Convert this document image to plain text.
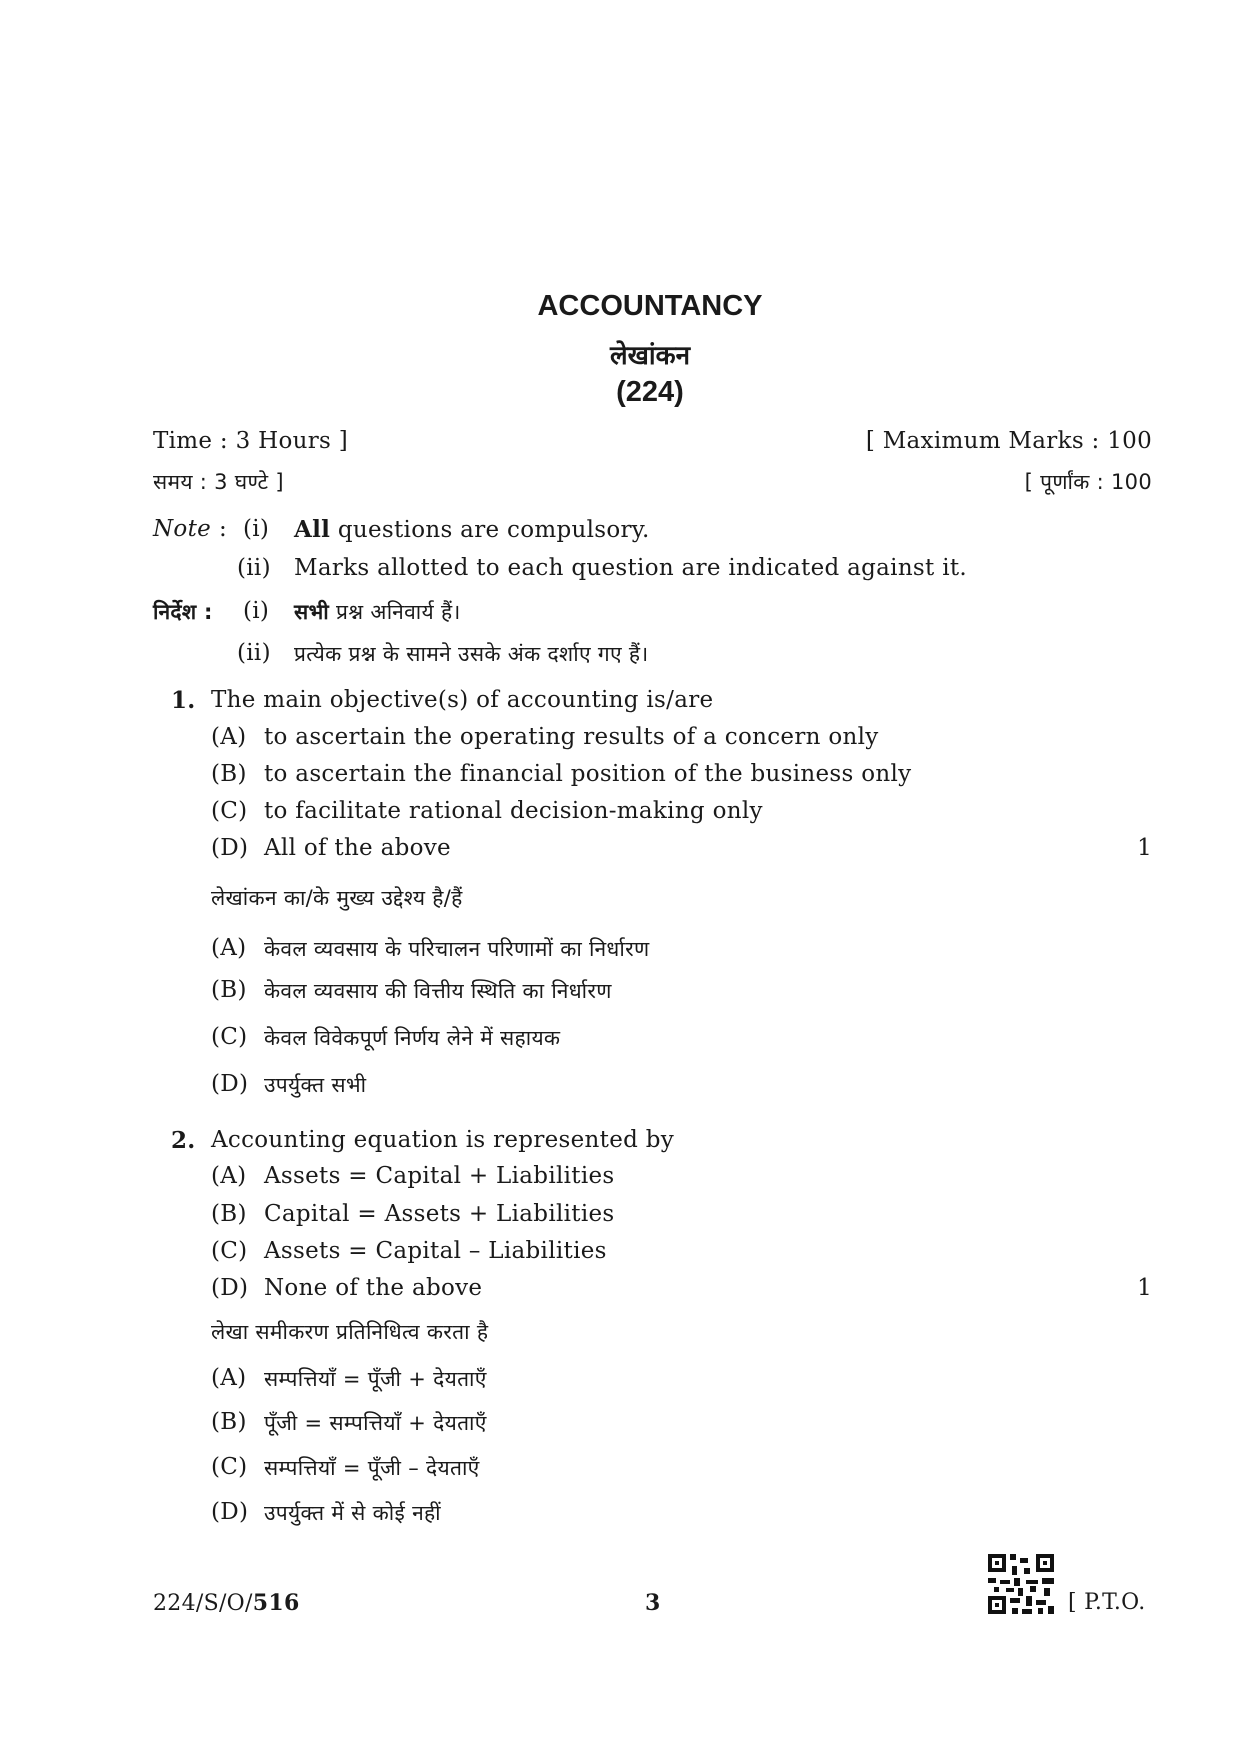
ACCOUNTANCY
लेखांकन
(224)
Time : 3 Hours ]	[ Maximum Marks : 100
समय : 3 घण्टे ]	[ पूर्णांक : 100
Note : (i) All questions are compulsory.
(ii) Marks allotted to each question are indicated against it.
निर्देश : (i) सभी प्रश्न अनिवार्य हैं।
(ii) प्रत्येक प्रश्न के सामने उसके अंक दर्शाए गए हैं।
1. The main objective(s) of accounting is/are
(A) to ascertain the operating results of a concern only
(B) to ascertain the financial position of the business only
(C) to facilitate rational decision-making only
(D) All of the above	1
लेखांकन का/के मुख्य उद्देश्य है/हैं
(A) केवल व्यवसाय के परिचालन परिणामों का निर्धारण
(B) केवल व्यवसाय की वित्तीय स्थिति का निर्धारण
(C) केवल विवेकपूर्ण निर्णय लेने में सहायक
(D) उपर्युक्त सभी
2. Accounting equation is represented by
(A) Assets = Capital + Liabilities
(B) Capital = Assets + Liabilities
(C) Assets = Capital – Liabilities
(D) None of the above	1
लेखा समीकरण प्रतिनिधित्व करता है
(A) सम्पत्तियाँ = पूँजी + देयताएँ
(B) पूँजी = सम्पत्तियाँ + देयताएँ
(C) सम्पत्तियाँ = पूँजी – देयताएँ
(D) उपर्युक्त में से कोई नहीं
224/S/O/516	3	[ P.T.O.
